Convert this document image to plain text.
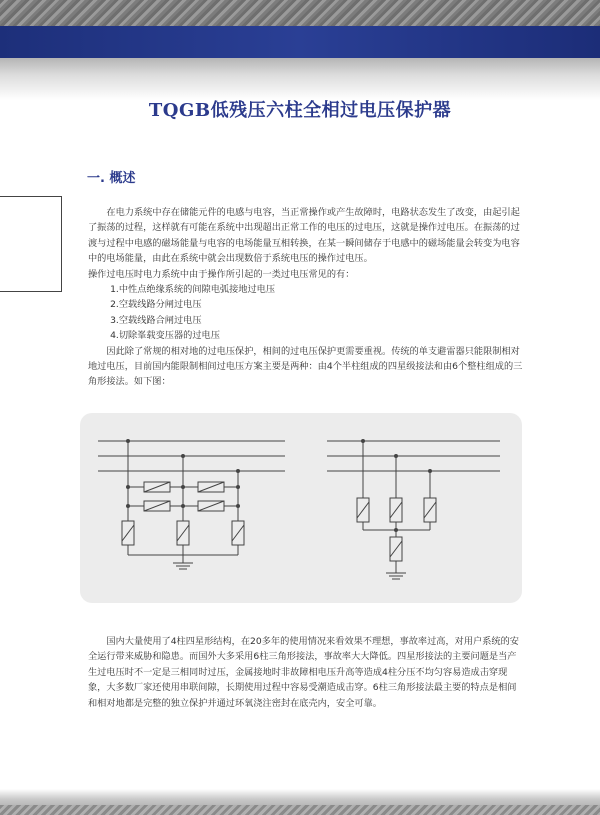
TQGB低残压六柱全相过电压保护器
一. 概述

在电力系统中存在储能元件的电感与电容，当正常操作或产生故障时，电路状态发生了改变，由起引起了振荡的过程，这样就有可能在系统中出现超出正常工作的电压的过电压，这就是操作过电压。在振荡的过渡与过程中电感的磁场能量与电容的电场能量互相转换，在某一瞬间储存于电感中的磁场能量会转变为电容中的电场能量，由此在系统中就会出现数倍于系统电压的操作过电压。

操作过电压时电力系统中由于操作所引起的一类过电压常见的有：

1.中性点绝缘系统的间隙电弧接地过电压

2.空载线路分闸过电压

3.空载线路合闸过电压

4.切除峯载变压器的过电压

因此除了常规的相对地的过电压保护，相间的过电压保护更需要重视。传统的单支避雷器只能限制相对地过电压，目前国内能限制相间过电压方案主要是两种：由4个半柱组成的四星级接法和由6个整柱组成的三角形接法。如下图：

国内大量使用了4柱四星形结构，在20多年的使用情况来看效果不理想，事故率过高，对用户系统的安全运行带来威胁和隐患。而国外大多采用6柱三角形接法，事故率大大降低。四星形接法的主要问题是当产生过电压时不一定是三相同时过压，金属接地时非故障相电压升高等造成4柱分压不均匀容易造成击穿现象，大多数厂家还使用串联间隙，长期使用过程中容易受潮造成击穿。6柱三角形接法最主要的特点是相间和相对地都是完整的独立保护并通过环氧浇注密封在底壳内，安全可靠。
